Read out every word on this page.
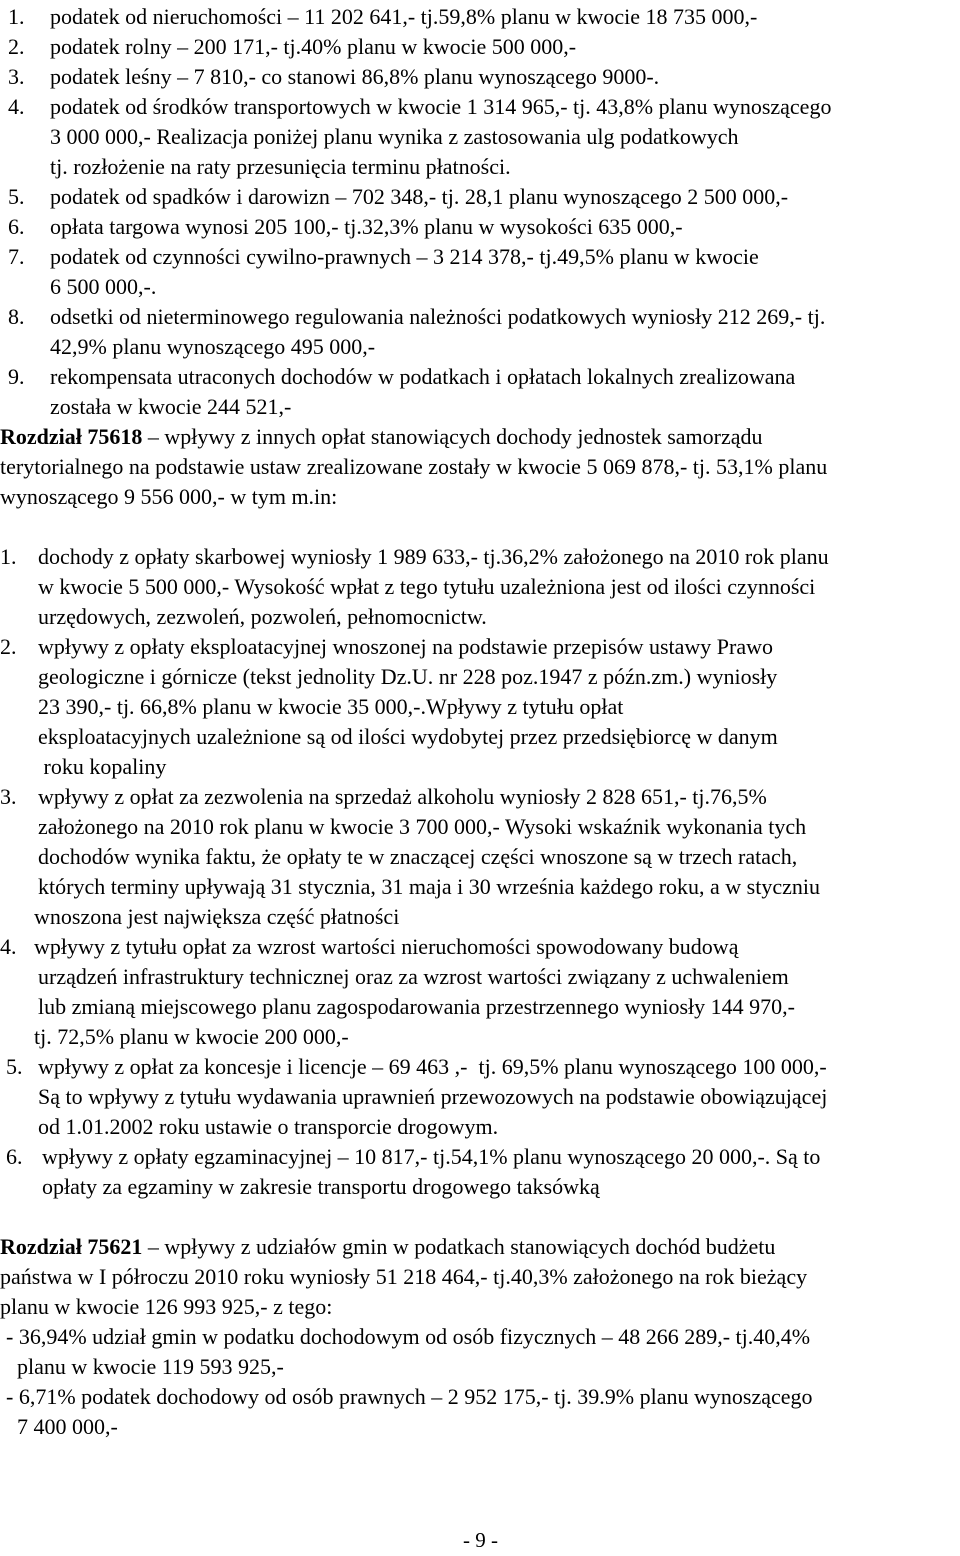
1. podatek od nieruchomości – 11 202 641,- tj.59,8% planu w kwocie 18 735 000,-
2. podatek rolny – 200 171,- tj.40% planu w kwocie 500 000,-
3. podatek leśny – 7 810,- co stanowi 86,8% planu wynoszącego 9000-.
4. podatek od środków transportowych w kwocie 1 314 965,- tj. 43,8% planu wynoszącego
3 000 000,- Realizacja poniżej planu wynika z zastosowania ulg podatkowych
tj. rozłożenie na raty przesunięcia terminu płatności.
5. podatek od spadków i darowizn – 702 348,- tj. 28,1 planu wynoszącego 2 500 000,-
6. opłata targowa wynosi 205 100,- tj.32,3% planu w wysokości 635 000,-
7. podatek od czynności cywilno-prawnych – 3 214 378,- tj.49,5% planu w kwocie
6 500 000,-.
8. odsetki od nieterminowego regulowania należności podatkowych wyniosły 212 269,- tj.
42,9% planu wynoszącego 495 000,-
9. rekompensata utraconych dochodów w podatkach i opłatach lokalnych zrealizowana
została w kwocie 244 521,-
Rozdział 75618 – wpływy z innych opłat stanowiących dochody jednostek samorządu
terytorialnego na podstawie ustaw zrealizowane zostały w kwocie 5 069 878,- tj. 53,1% planu
wynoszącego 9 556 000,- w tym m.in:
1. dochody z opłaty skarbowej wyniosły 1 989 633,- tj.36,2% założonego na 2010 rok planu
w kwocie 5 500 000,- Wysokość wpłat z tego tytułu uzależniona jest od ilości czynności
urzędowych, zezwoleń, pozwoleń, pełnomocnictw.
2. wpływy z opłaty eksploatacyjnej wnoszonej na podstawie przepisów ustawy Prawo
geologiczne i górnicze (tekst jednolity Dz.U. nr 228 poz.1947 z późn.zm.) wyniosły
23 390,- tj. 66,8% planu w kwocie 35 000,-.Wpływy z tytułu opłat
eksploatacyjnych uzależnione są od ilości wydobytej przez przedsiębiorcę w danym
roku kopaliny
3. wpływy z opłat za zezwolenia na sprzedaż alkoholu wyniosły 2 828 651,- tj.76,5%
założonego na 2010 rok planu w kwocie 3 700 000,- Wysoki wskaźnik wykonania tych
dochodów wynika faktu, że opłaty te w znaczącej części wnoszone są w trzech ratach,
których terminy upływają 31 stycznia, 31 maja i 30 września każdego roku, a w styczniu
wnoszona jest największa część płatności
4. wpływy z tytułu opłat za wzrost wartości nieruchomości spowodowany budową
urządzeń infrastruktury technicznej oraz za wzrost wartości związany z uchwaleniem
lub zmianą miejscowego planu zagospodarowania przestrzennego wyniosły 144 970,-
tj. 72,5% planu w kwocie 200 000,-
5. wpływy z opłat za koncesje i licencje – 69 463 ,-  tj. 69,5% planu wynoszącego 100 000,-
Są to wpływy z tytułu wydawania uprawnień przewozowych na podstawie obowiązującej
od 1.01.2002 roku ustawie o transporcie drogowym.
6. wpływy z opłaty egzaminacyjnej – 10 817,- tj.54,1% planu wynoszącego 20 000,-. Są to
opłaty za egzaminy w zakresie transportu drogowego taksówką
Rozdział 75621 – wpływy z udziałów gmin w podatkach stanowiących dochód budżetu
państwa w I półroczu 2010 roku wyniosły 51 218 464,- tj.40,3% założonego na rok bieżący
planu w kwocie 126 993 925,- z tego:
- 36,94% udział gmin w podatku dochodowym od osób fizycznych – 48 266 289,- tj.40,4%
planu w kwocie 119 593 925,-
- 6,71% podatek dochodowy od osób prawnych – 2 952 175,- tj. 39.9% planu wynoszącego
7 400 000,-
- 9 -
